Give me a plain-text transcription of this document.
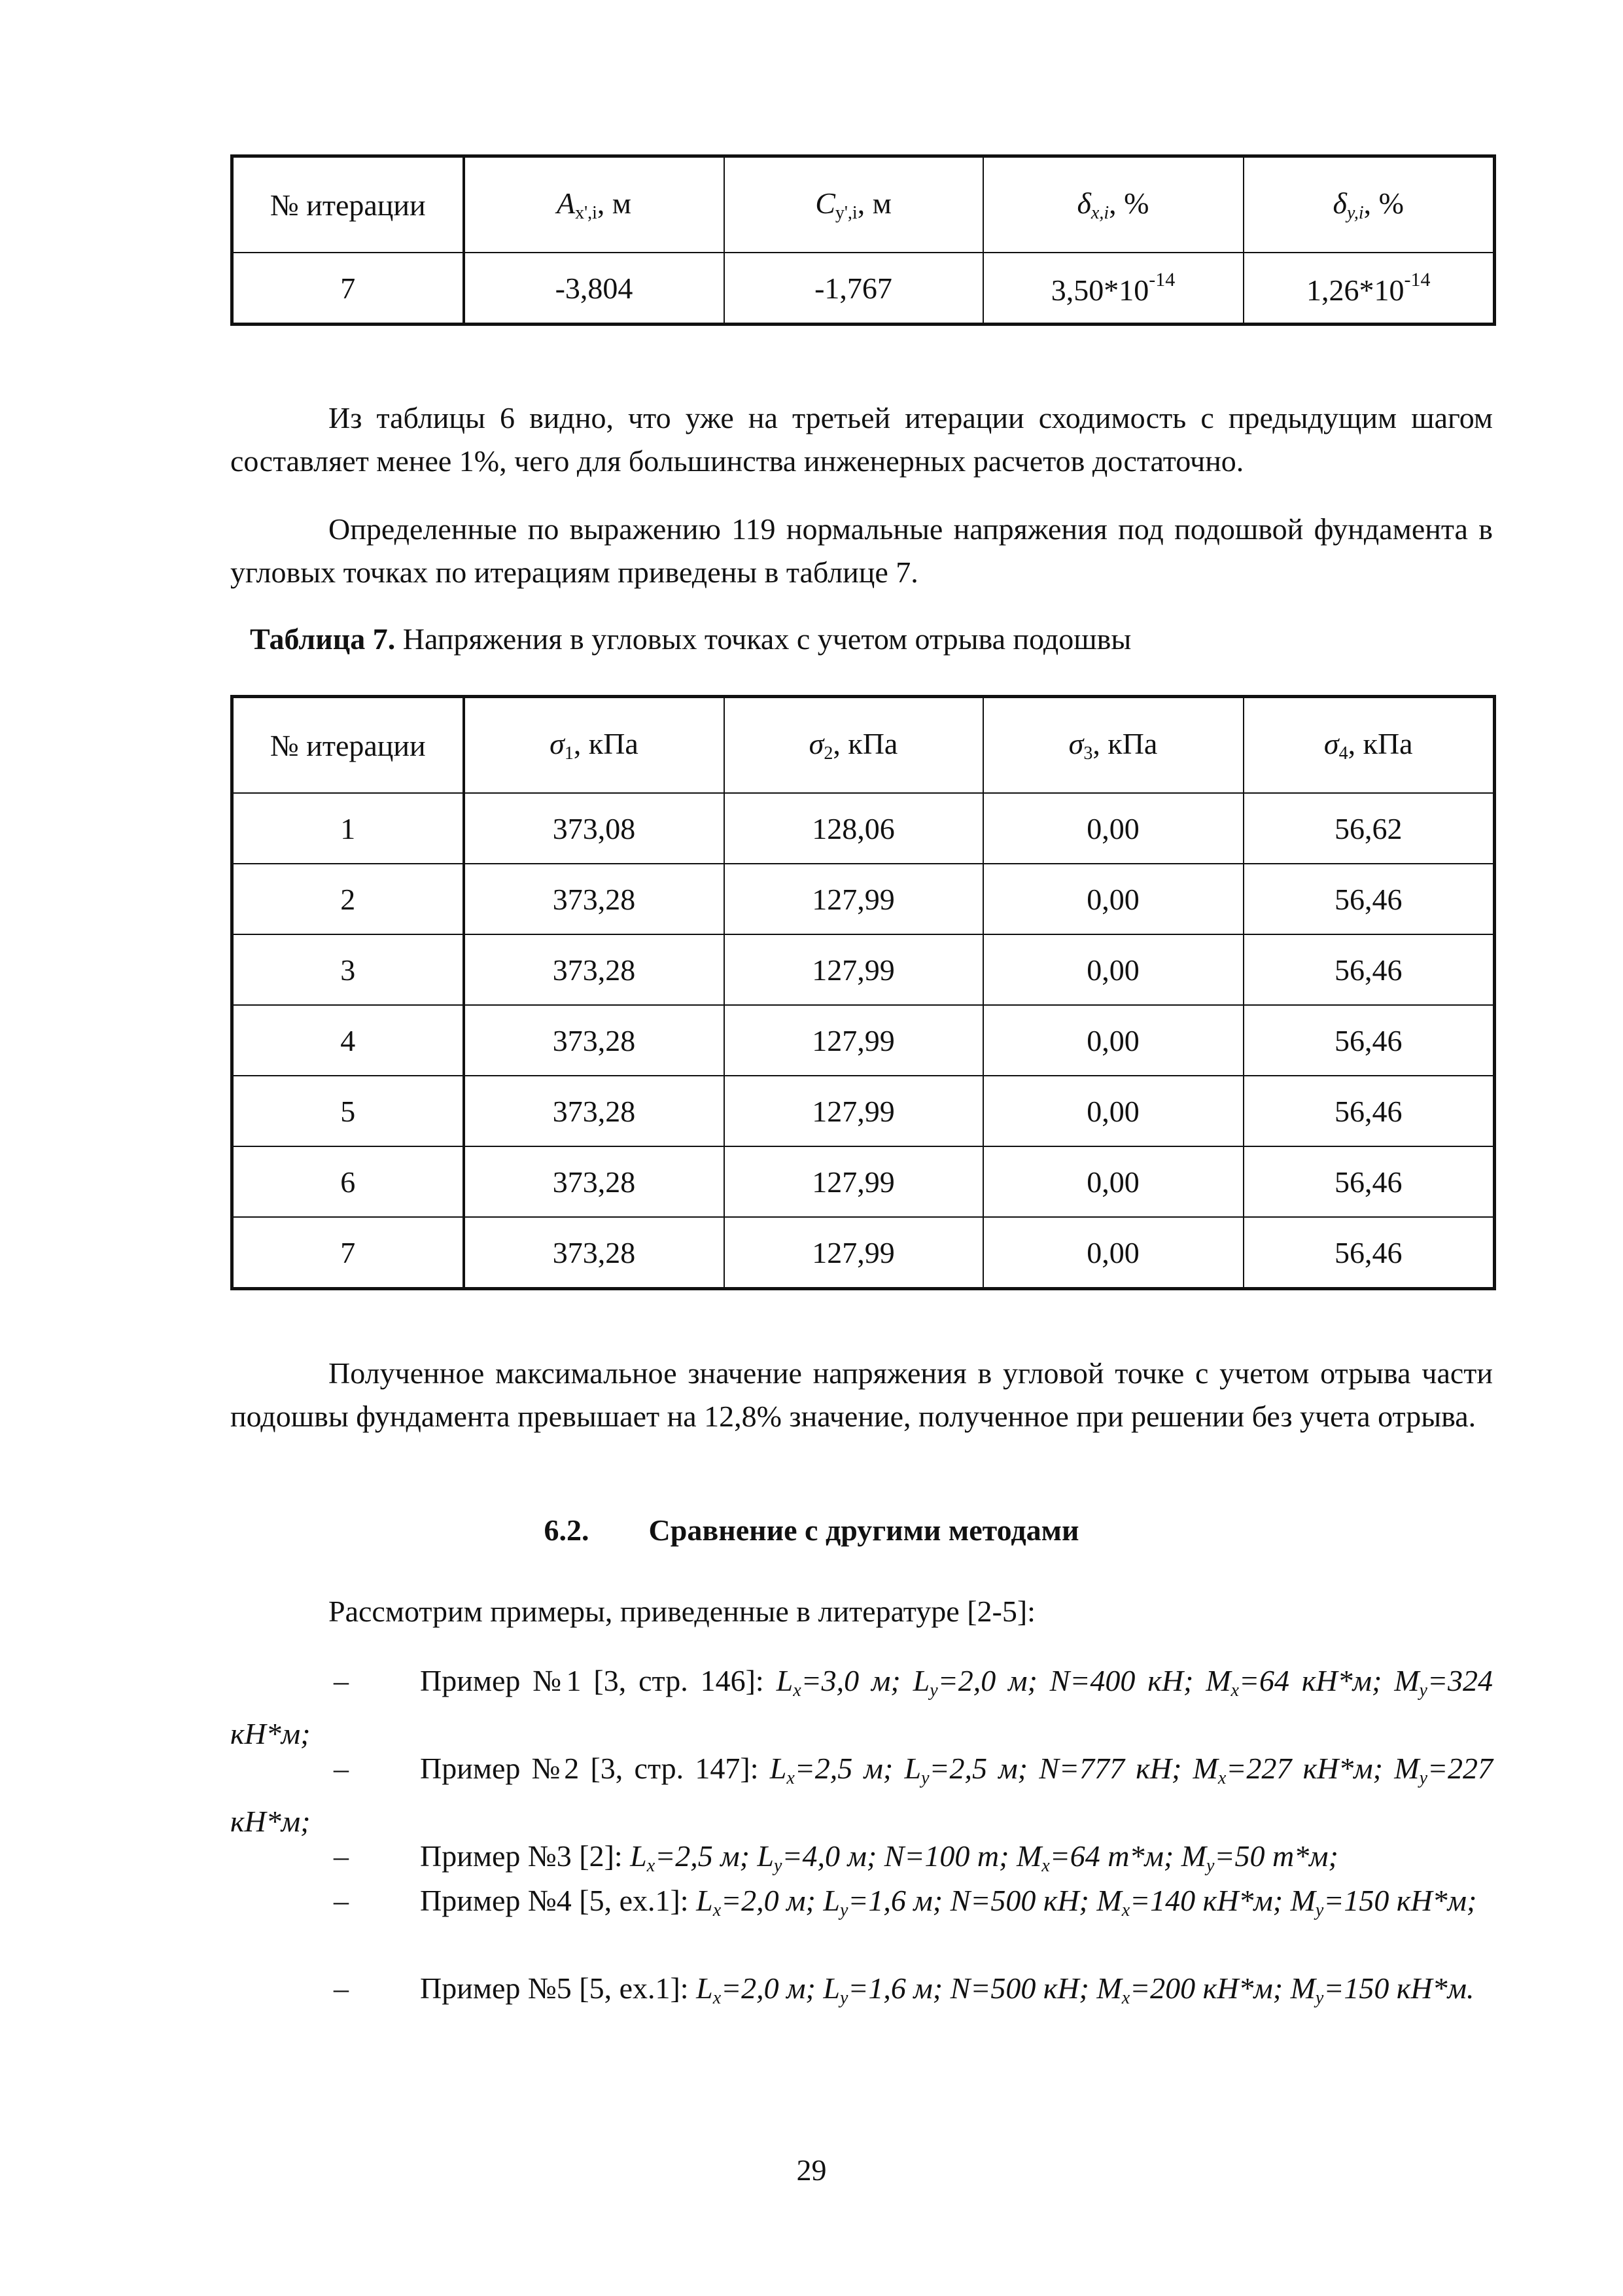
№ итерации	$A_{x',i}$, м	$C_{y',i}$, м	$\delta_{x,i}$, %	$\delta_{y,i}$, %
7	-3,804	-1,767	$3,50*10^{-14}$	$1,26*10^{-14}$

Из таблицы 6 видно, что уже на третьей итерации сходимость с предыдущим шагом составляет менее 1%, чего для большинства инженерных расчетов достаточно.

Определенные по выражению 119 нормальные напряжения под подошвой фундамента в угловых точках по итерациям приведены в таблице 7.

Таблица 7. Напряжения в угловых точках с учетом отрыва подошвы

№ итерации	$\sigma_1$, кПа	$\sigma_2$, кПа	$\sigma_3$, кПа	$\sigma_4$, кПа
1	373,08	128,06	0,00	56,62
2	373,28	127,99	0,00	56,46
3	373,28	127,99	0,00	56,46
4	373,28	127,99	0,00	56,46
5	373,28	127,99	0,00	56,46
6	373,28	127,99	0,00	56,46
7	373,28	127,99	0,00	56,46

Полученное максимальное значение напряжения в угловой точке с учетом отрыва части подошвы фундамента превышает на 12,8% значение, полученное при решении без учета отрыва.

6.2. Сравнение с другими методами

Рассмотрим примеры, приведенные в литературе [2-5]:

– Пример №1 [3, стр. 146]: $L_x=3,0$ м; $L_y=2,0$ м; N=400 кН; $M_x=64$ кН*м; $M_y=324$ кН*м;

– Пример №2 [3, стр. 147]: $L_x=2,5$ м; $L_y=2,5$ м; N=777 кН; $M_x=227$ кН*м; $M_y=227$ кН*м;

– Пример №3 [2]: $L_x=2,5$ м; $L_y=4,0$ м; N=100 т; $M_x=64$ т*м; $M_y=50$ т*м;

– Пример №4 [5, ex.1]: $L_x=2,0$ м; $L_y=1,6$ м; N=500 кН; $M_x=140$ кН*м; $M_y=150$ кН*м;

– Пример №5 [5, ex.1]: $L_x=2,0$ м; $L_y=1,6$ м; N=500 кН; $M_x=200$ кН*м; $M_y=150$ кН*м.

29
